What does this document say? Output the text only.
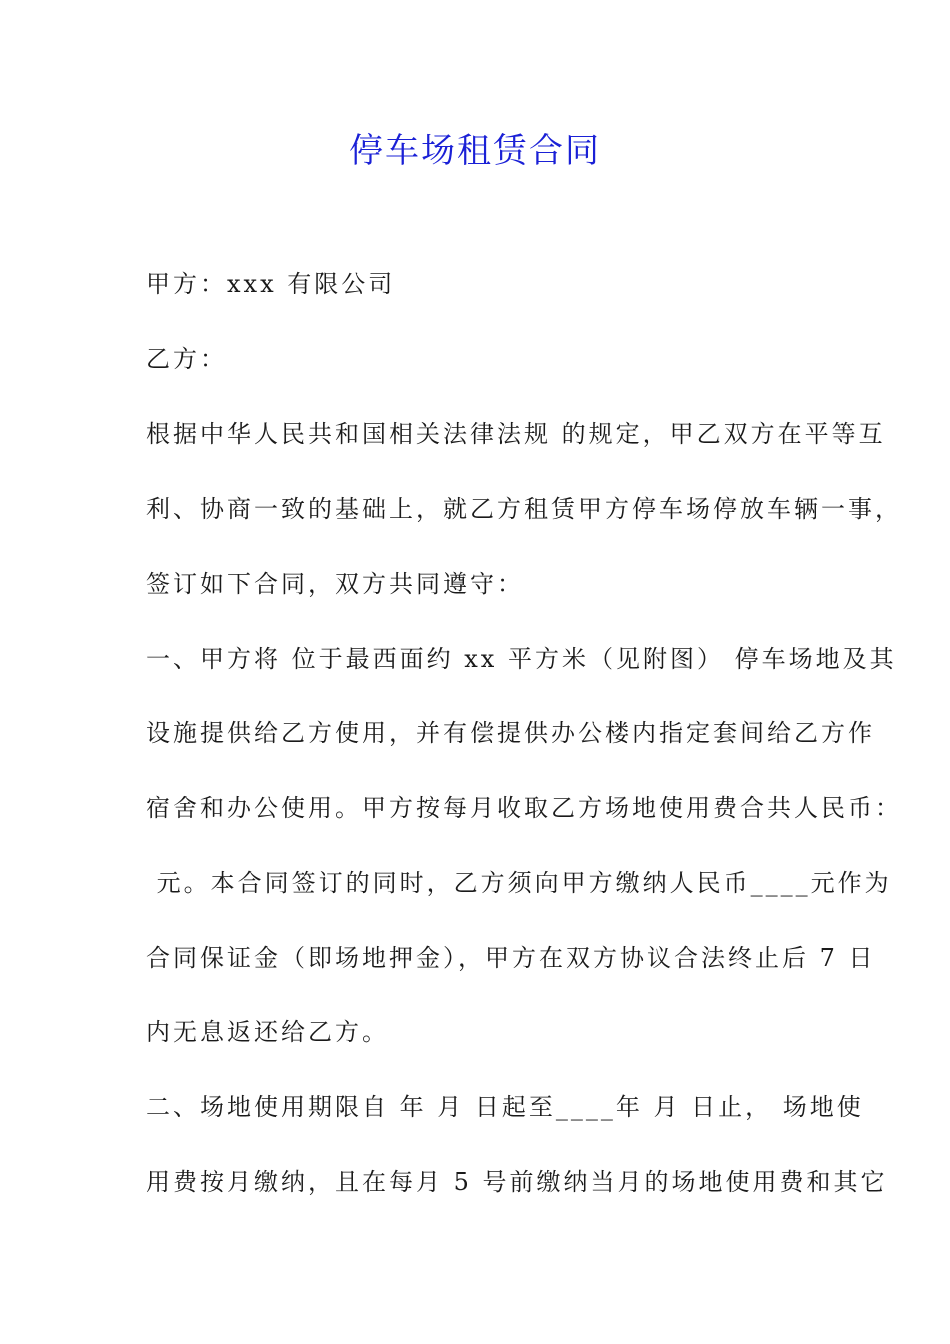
停车场租赁合同
甲方：xxx 有限公司
乙方：
根据中华人民共和国相关法律法规 的规定，甲乙双方在平等互
利、协商一致的基础上，就乙方租赁甲方停车场停放车辆一事，
签订如下合同，双方共同遵守：
一、甲方将 位于最西面约 xx 平方米（见附图） 停车场地及其
设施提供给乙方使用，并有偿提供办公楼内指定套间给乙方作
宿舍和办公使用。甲方按每月收取乙方场地使用费合共人民币：
元。本合同签订的同时，乙方须向甲方缴纳人民币____元作为
合同保证金（即场地押金），甲方在双方协议合法终止后 7 日
内无息返还给乙方。
二、场地使用期限自 年 月 日起至____年 月 日止， 场地使
用费按月缴纳，且在每月 5 号前缴纳当月的场地使用费和其它
